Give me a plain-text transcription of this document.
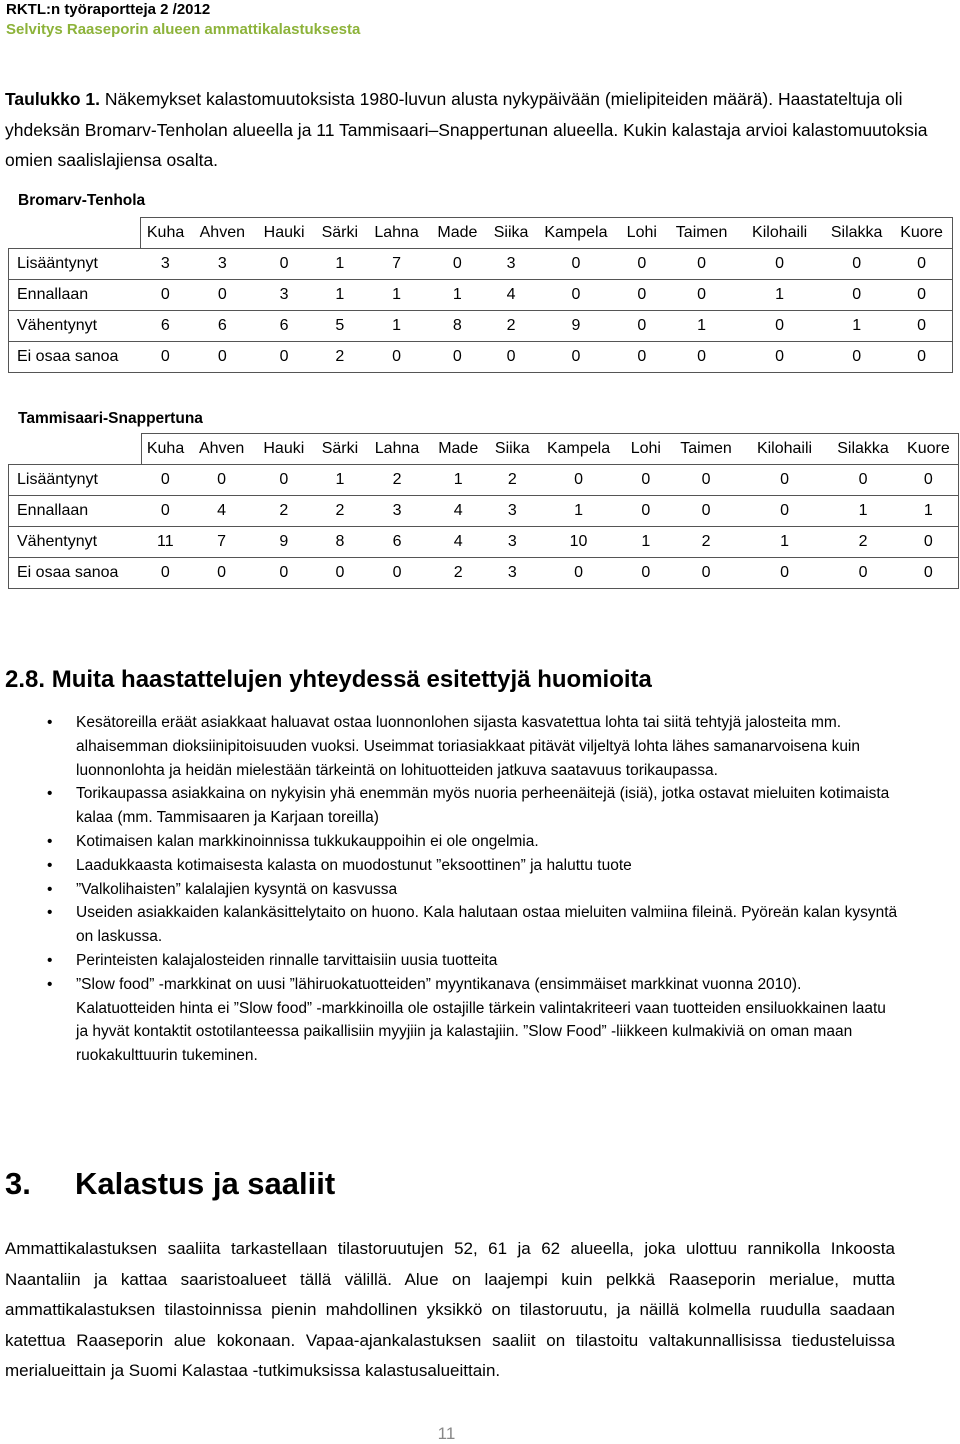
RKTL:n työraportteja 2 /2012
Selvitys Raaseporin alueen ammattikalastuksesta
Taulukko 1. Näkemykset kalastomuutoksista 1980-luvun alusta nykypäivään (mielipiteiden määrä). Haastateltuja oli yhdeksän Bromarv-Tenholan alueella ja 11 Tammisaari–Snappertunan alueella. Kukin kalastaja arvioi kalastomuutoksia omien saalislajiensa osalta.
Bromarv-Tenhola
	Kuha	Ahven	Hauki	Särki	Lahna	Made	Siika	Kampela	Lohi	Taimen	Kilohaili	Silakka	Kuore
Lisääntynyt	3	3	0	1	7	0	3	0	0	0	0	0	0
Ennallaan	0	0	3	1	1	1	4	0	0	0	1	0	0
Vähentynyt	6	6	6	5	1	8	2	9	0	1	0	1	0
Ei osaa sanoa	0	0	0	2	0	0	0	0	0	0	0	0	0
Tammisaari-Snappertuna
	Kuha	Ahven	Hauki	Särki	Lahna	Made	Siika	Kampela	Lohi	Taimen	Kilohaili	Silakka	Kuore
Lisääntynyt	0	0	0	1	2	1	2	0	0	0	0	0	0
Ennallaan	0	4	2	2	3	4	3	1	0	0	0	1	1
Vähentynyt	11	7	9	8	6	4	3	10	1	2	1	2	0
Ei osaa sanoa	0	0	0	0	0	2	3	0	0	0	0	0	0
2.8. Muita haastattelujen yhteydessä esitettyjä huomioita
• Kesätoreilla eräät asiakkaat haluavat ostaa luonnonlohen sijasta kasvatettua lohta tai siitä tehtyjä jalosteita mm. alhaisemman dioksiinipitoisuuden vuoksi. Useimmat toriasiakkaat pitävät viljeltyä lohta lähes samanarvoisena kuin luonnonlohta ja heidän mielestään tärkeintä on lohituotteiden jatkuva saatavuus torikaupassa.
• Torikaupassa asiakkaina on nykyisin yhä enemmän myös nuoria perheenäitejä (isiä), jotka ostavat mieluiten kotimaista kalaa (mm. Tammisaaren ja Karjaan toreilla)
• Kotimaisen kalan markkinoinnissa tukkukauppoihin ei ole ongelmia.
• Laadukkaasta kotimaisesta kalasta on muodostunut ”eksoottinen” ja haluttu tuote
• ”Valkolihaisten” kalalajien kysyntä on kasvussa
• Useiden asiakkaiden kalankäsittelytaito on huono. Kala halutaan ostaa mieluiten valmiina fileinä. Pyöreän kalan kysyntä on laskussa.
• Perinteisten kalajalosteiden rinnalle tarvittaisiin uusia tuotteita
• ”Slow food” -markkinat on uusi ”lähiruokatuotteiden” myyntikanava (ensimmäiset markkinat vuonna 2010). Kalatuotteiden hinta ei ”Slow food” -markkinoilla ole ostajille tärkein valintakriteeri vaan tuotteiden ensiluokkainen laatu ja hyvät kontaktit ostotilanteessa paikallisiin myyjiin ja kalastajiin. ”Slow Food” -liikkeen kulmakiviä on oman maan ruokakulttuurin tukeminen.
3. Kalastus ja saaliit

Ammattikalastuksen saaliita tarkastellaan tilastoruutujen 52, 61 ja 62 alueella, joka ulottuu rannikolla Inkoosta Naantaliin ja kattaa saaristoalueet tällä välillä. Alue on laajempi kuin pelkkä Raaseporin merialue, mutta ammattikalastuksen tilastoinnissa pienin mahdollinen yksikkö on tilastoruutu, ja näillä kolmella ruudulla saadaan katettua Raaseporin alue kokonaan. Vapaa-ajankalastuksen saaliit on tilastoitu valtakunnallisissa tiedusteluissa merialueittain ja Suomi Kalastaa -tutkimuksissa kalastusalueittain.

11
